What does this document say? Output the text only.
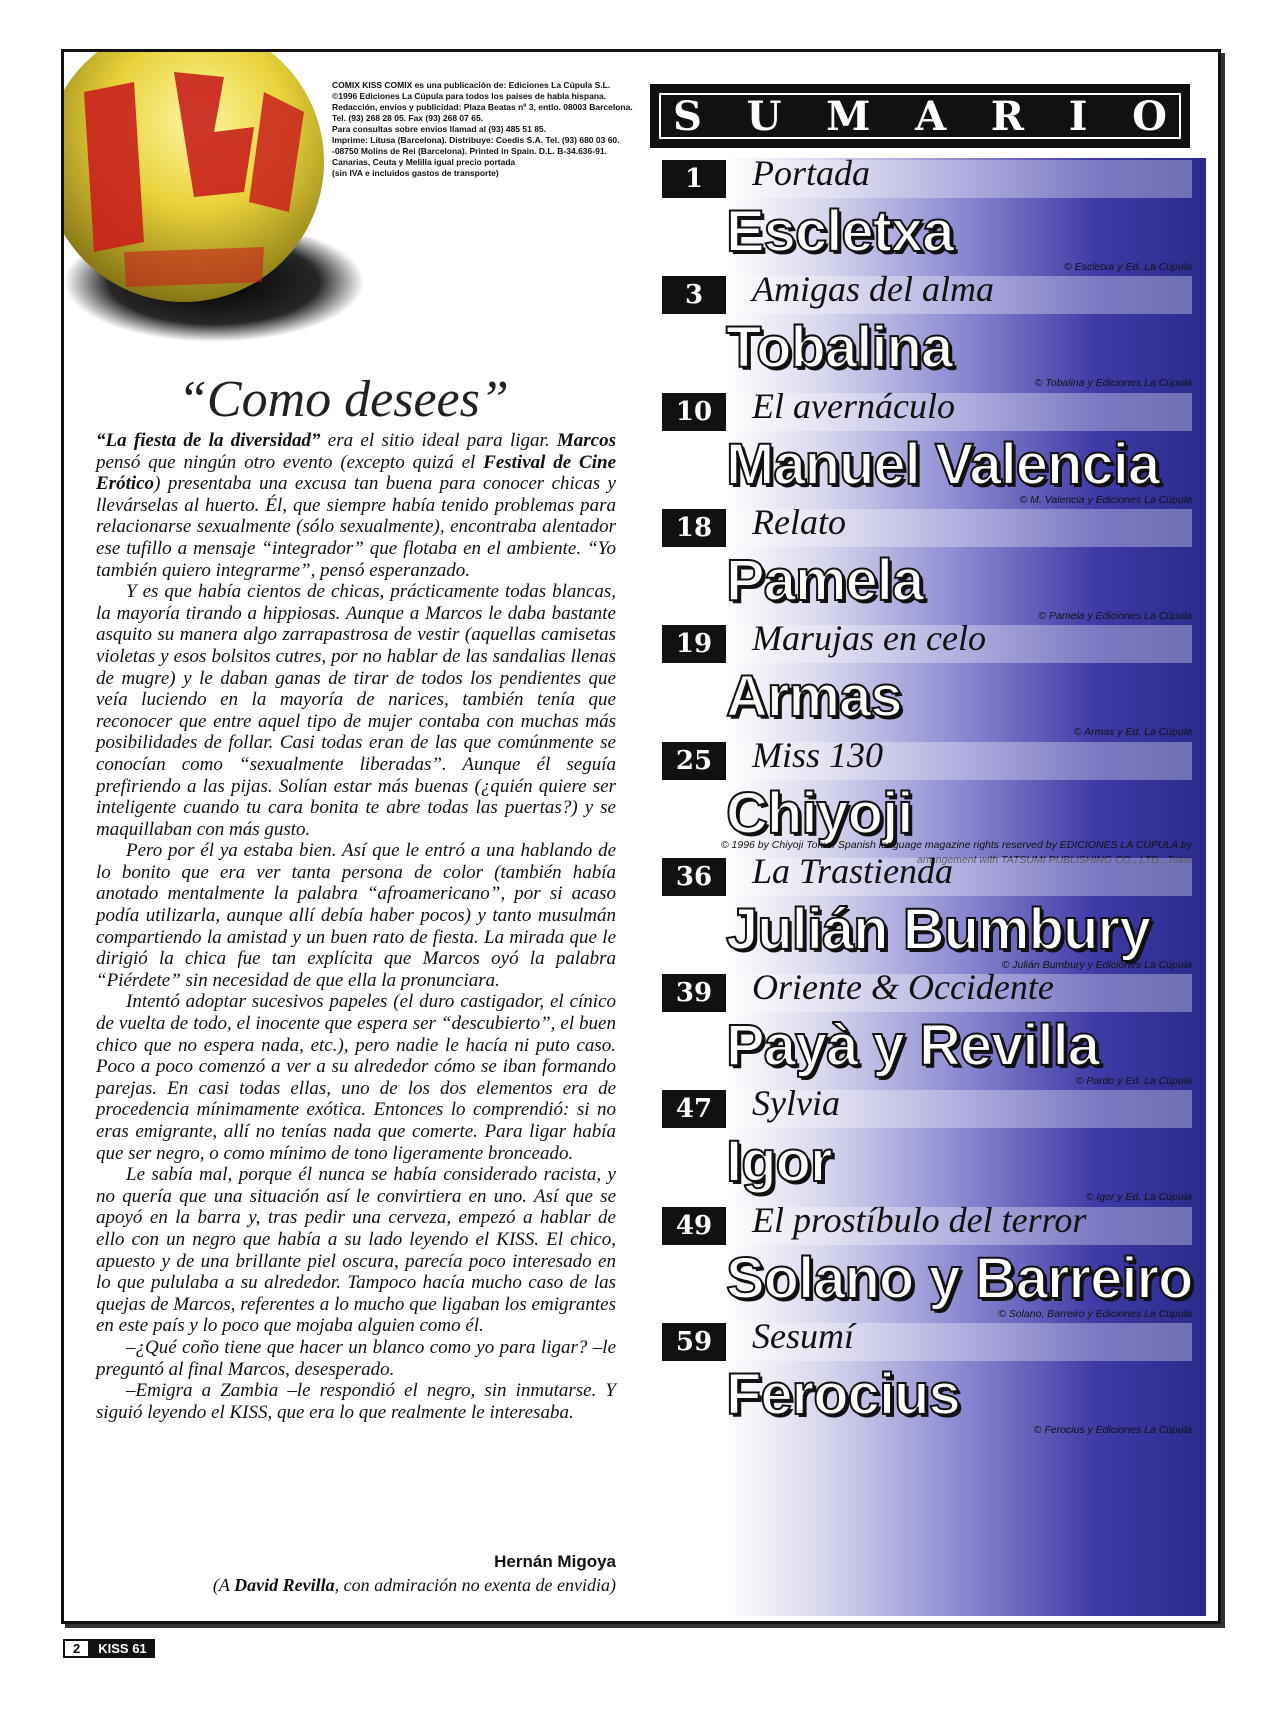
COMIX KISS COMIX es una publicación de: Ediciones La Cúpula S.L.
©1996 Ediciones La Cúpula para todos los países de habla hispana.
Redacción, envíos y publicidad: Plaza Beatas nº 3, entlo. 08003 Barcelona.
Tel. (93) 268 28 05. Fax (93) 268 07 65.
Para consultas sobre envíos llamad al (93) 485 51 85.
Imprime: Litusa (Barcelona). Distribuye: Coedis S.A. Tel. (93) 680 03 60.
-08750 Molins de Rei (Barcelona). Printed in Spain. D.L. B-34.636-91.
Canarias, Ceuta y Melilla igual precio portada
(sin IVA e incluidos gastos de transporte)
“Como desees”

“La fiesta de la diversidad” era el sitio ideal para ligar. Marcos pensó que ningún otro evento (excepto quizá el Festival de Cine Erótico) presentaba una excusa tan buena para conocer chicas y llevárselas al huerto. Él, que siempre había tenido problemas para relacionarse sexualmente (sólo sexualmente), encontraba alentador ese tufillo a mensaje “integrador” que flotaba en el ambiente. “Yo también quiero integrarme”, pensó esperanzado.

Y es que había cientos de chicas, prácticamente todas blancas, la mayoría tirando a hippiosas. Aunque a Marcos le daba bastante asquito su manera algo zarrapastrosa de vestir (aquellas camisetas violetas y esos bolsitos cutres, por no hablar de las sandalias llenas de mugre) y le daban ganas de tirar de todos los pendientes que veía luciendo en la mayoría de narices, también tenía que reconocer que entre aquel tipo de mujer contaba con muchas más posibilidades de follar. Casi todas eran de las que comúnmente se conocían como “sexualmente liberadas”. Aunque él seguía prefiriendo a las pijas. Solían estar más buenas (¿quién quiere ser inteligente cuando tu cara bonita te abre todas las puertas?) y se maquillaban con más gusto.

Pero por él ya estaba bien. Así que le entró a una hablando de lo bonito que era ver tanta persona de color (también había anotado mentalmente la palabra “afroamericano”, por si acaso podía utilizarla, aunque allí debía haber pocos) y tanto musulmán compartiendo la amistad y un buen rato de fiesta. La mirada que le dirigió la chica fue tan explícita que Marcos oyó la palabra “Piérdete” sin necesidad de que ella la pronunciara.

Intentó adoptar sucesivos papeles (el duro castigador, el cínico de vuelta de todo, el inocente que espera ser “descubierto”, el buen chico que no espera nada, etc.), pero nadie le hacía ni puto caso. Poco a poco comenzó a ver a su alrededor cómo se iban formando parejas. En casi todas ellas, uno de los dos elementos era de procedencia mínimamente exótica. Entonces lo comprendió: si no eras emigrante, allí no tenías nada que comerte. Para ligar había que ser negro, o como mínimo de tono ligeramente bronceado.

Le sabía mal, porque él nunca se había considerado racista, y no quería que una situación así le convirtiera en uno. Así que se apoyó en la barra y, tras pedir una cerveza, empezó a hablar de ello con un negro que había a su lado leyendo el KISS. El chico, apuesto y de una brillante piel oscura, parecía poco interesado en lo que pululaba a su alrededor. Tampoco hacía mucho caso de las quejas de Marcos, referentes a lo mucho que ligaban los emigrantes en este país y lo poco que mojaba alguien como él.

–¿Qué coño tiene que hacer un blanco como yo para ligar? –le preguntó al final Marcos, desesperado.

–Emigra a Zambia –le respondió el negro, sin inmutarse. Y siguió leyendo el KISS, que era lo que realmente le interesaba.

Hernán Migoya
(A David Revilla, con admiración no exenta de envidia)
S U M A R I O
1	Portada
Escletxa
© Escletxa y Ed. La Cúpula
3	Amigas del alma
Tobalina
© Tobalina y Ediciones La Cúpula
10	El avernáculo
Manuel Valencia
© M. Valencia y Ediciones La Cúpula
18	Relato
Pamela
© Pamela y Ediciones La Cúpula
19	Marujas en celo
Armas
© Armas y Ed. La Cúpula
25	Miss 130
Chiyoji
© 1996 by Chiyoji Tomo. Spanish language magazine rights reserved by EDICIONES LA CÚPULA by arrangement with TATSUMI PUBLISHING CO., LTD., Tokio
36	La Trastienda
Julián Bumbury
© Julián Bumbury y Ediciones La Cúpula
39	Oriente & Occidente
Payà y Revilla
© Pardo y Ed. La Cúpula
47	Sylvia
Igor
© Igor y Ed. La Cúpula
49	El prostíbulo del terror
Solano y Barreiro
© Solano, Barreiro y Ediciones La Cúpula
59	Sesumí
Ferocius
© Ferocius y Ediciones La Cúpula
2	KISS 61
